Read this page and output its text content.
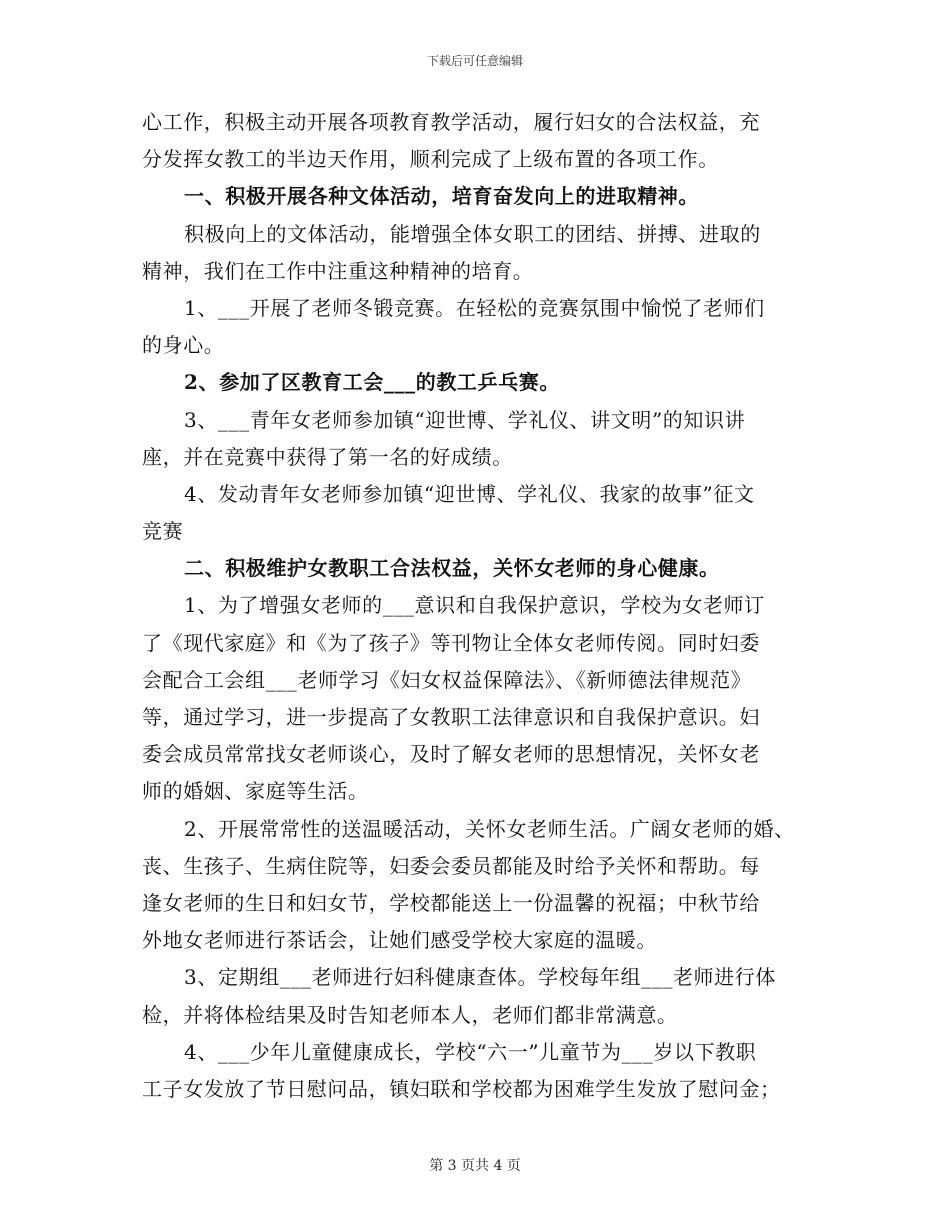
下载后可任意编辑
心工作，积极主动开展各项教育教学活动，履行妇女的合法权益，充
分发挥女教工的半边天作用，顺利完成了上级布置的各项工作。
一、积极开展各种文体活动，培育奋发向上的进取精神。
积极向上的文体活动，能增强全体女职工的团结、拼搏、进取的
精神，我们在工作中注重这种精神的培育。
1、___开展了老师冬锻竞赛。在轻松的竞赛氛围中愉悦了老师们
的身心。
2、参加了区教育工会___的教工乒乓赛。
3、___青年女老师参加镇“迎世博、学礼仪、讲文明”的知识讲
座，并在竞赛中获得了第一名的好成绩。
4、发动青年女老师参加镇“迎世博、学礼仪、我家的故事”征文
竞赛
二、积极维护女教职工合法权益，关怀女老师的身心健康。
1、为了增强女老师的___意识和自我保护意识，学校为女老师订
了《现代家庭》和《为了孩子》等刊物让全体女老师传阅。同时妇委
会配合工会组___老师学习《妇女权益保障法》、《新师德法律规范》
等，通过学习，进一步提高了女教职工法律意识和自我保护意识。妇
委会成员常常找女老师谈心，及时了解女老师的思想情况，关怀女老
师的婚姻、家庭等生活。
2、开展常常性的送温暖活动，关怀女老师生活。广阔女老师的婚、
丧、生孩子、生病住院等，妇委会委员都能及时给予关怀和帮助。每
逢女老师的生日和妇女节，学校都能送上一份温馨的祝福；中秋节给
外地女老师进行茶话会，让她们感受学校大家庭的温暖。
3、定期组___老师进行妇科健康查体。学校每年组___老师进行体
检，并将体检结果及时告知老师本人，老师们都非常满意。
4、___少年儿童健康成长，学校“六一”儿童节为___岁以下教职
工子女发放了节日慰问品，镇妇联和学校都为困难学生发放了慰问金；
第 3 页共 4 页
